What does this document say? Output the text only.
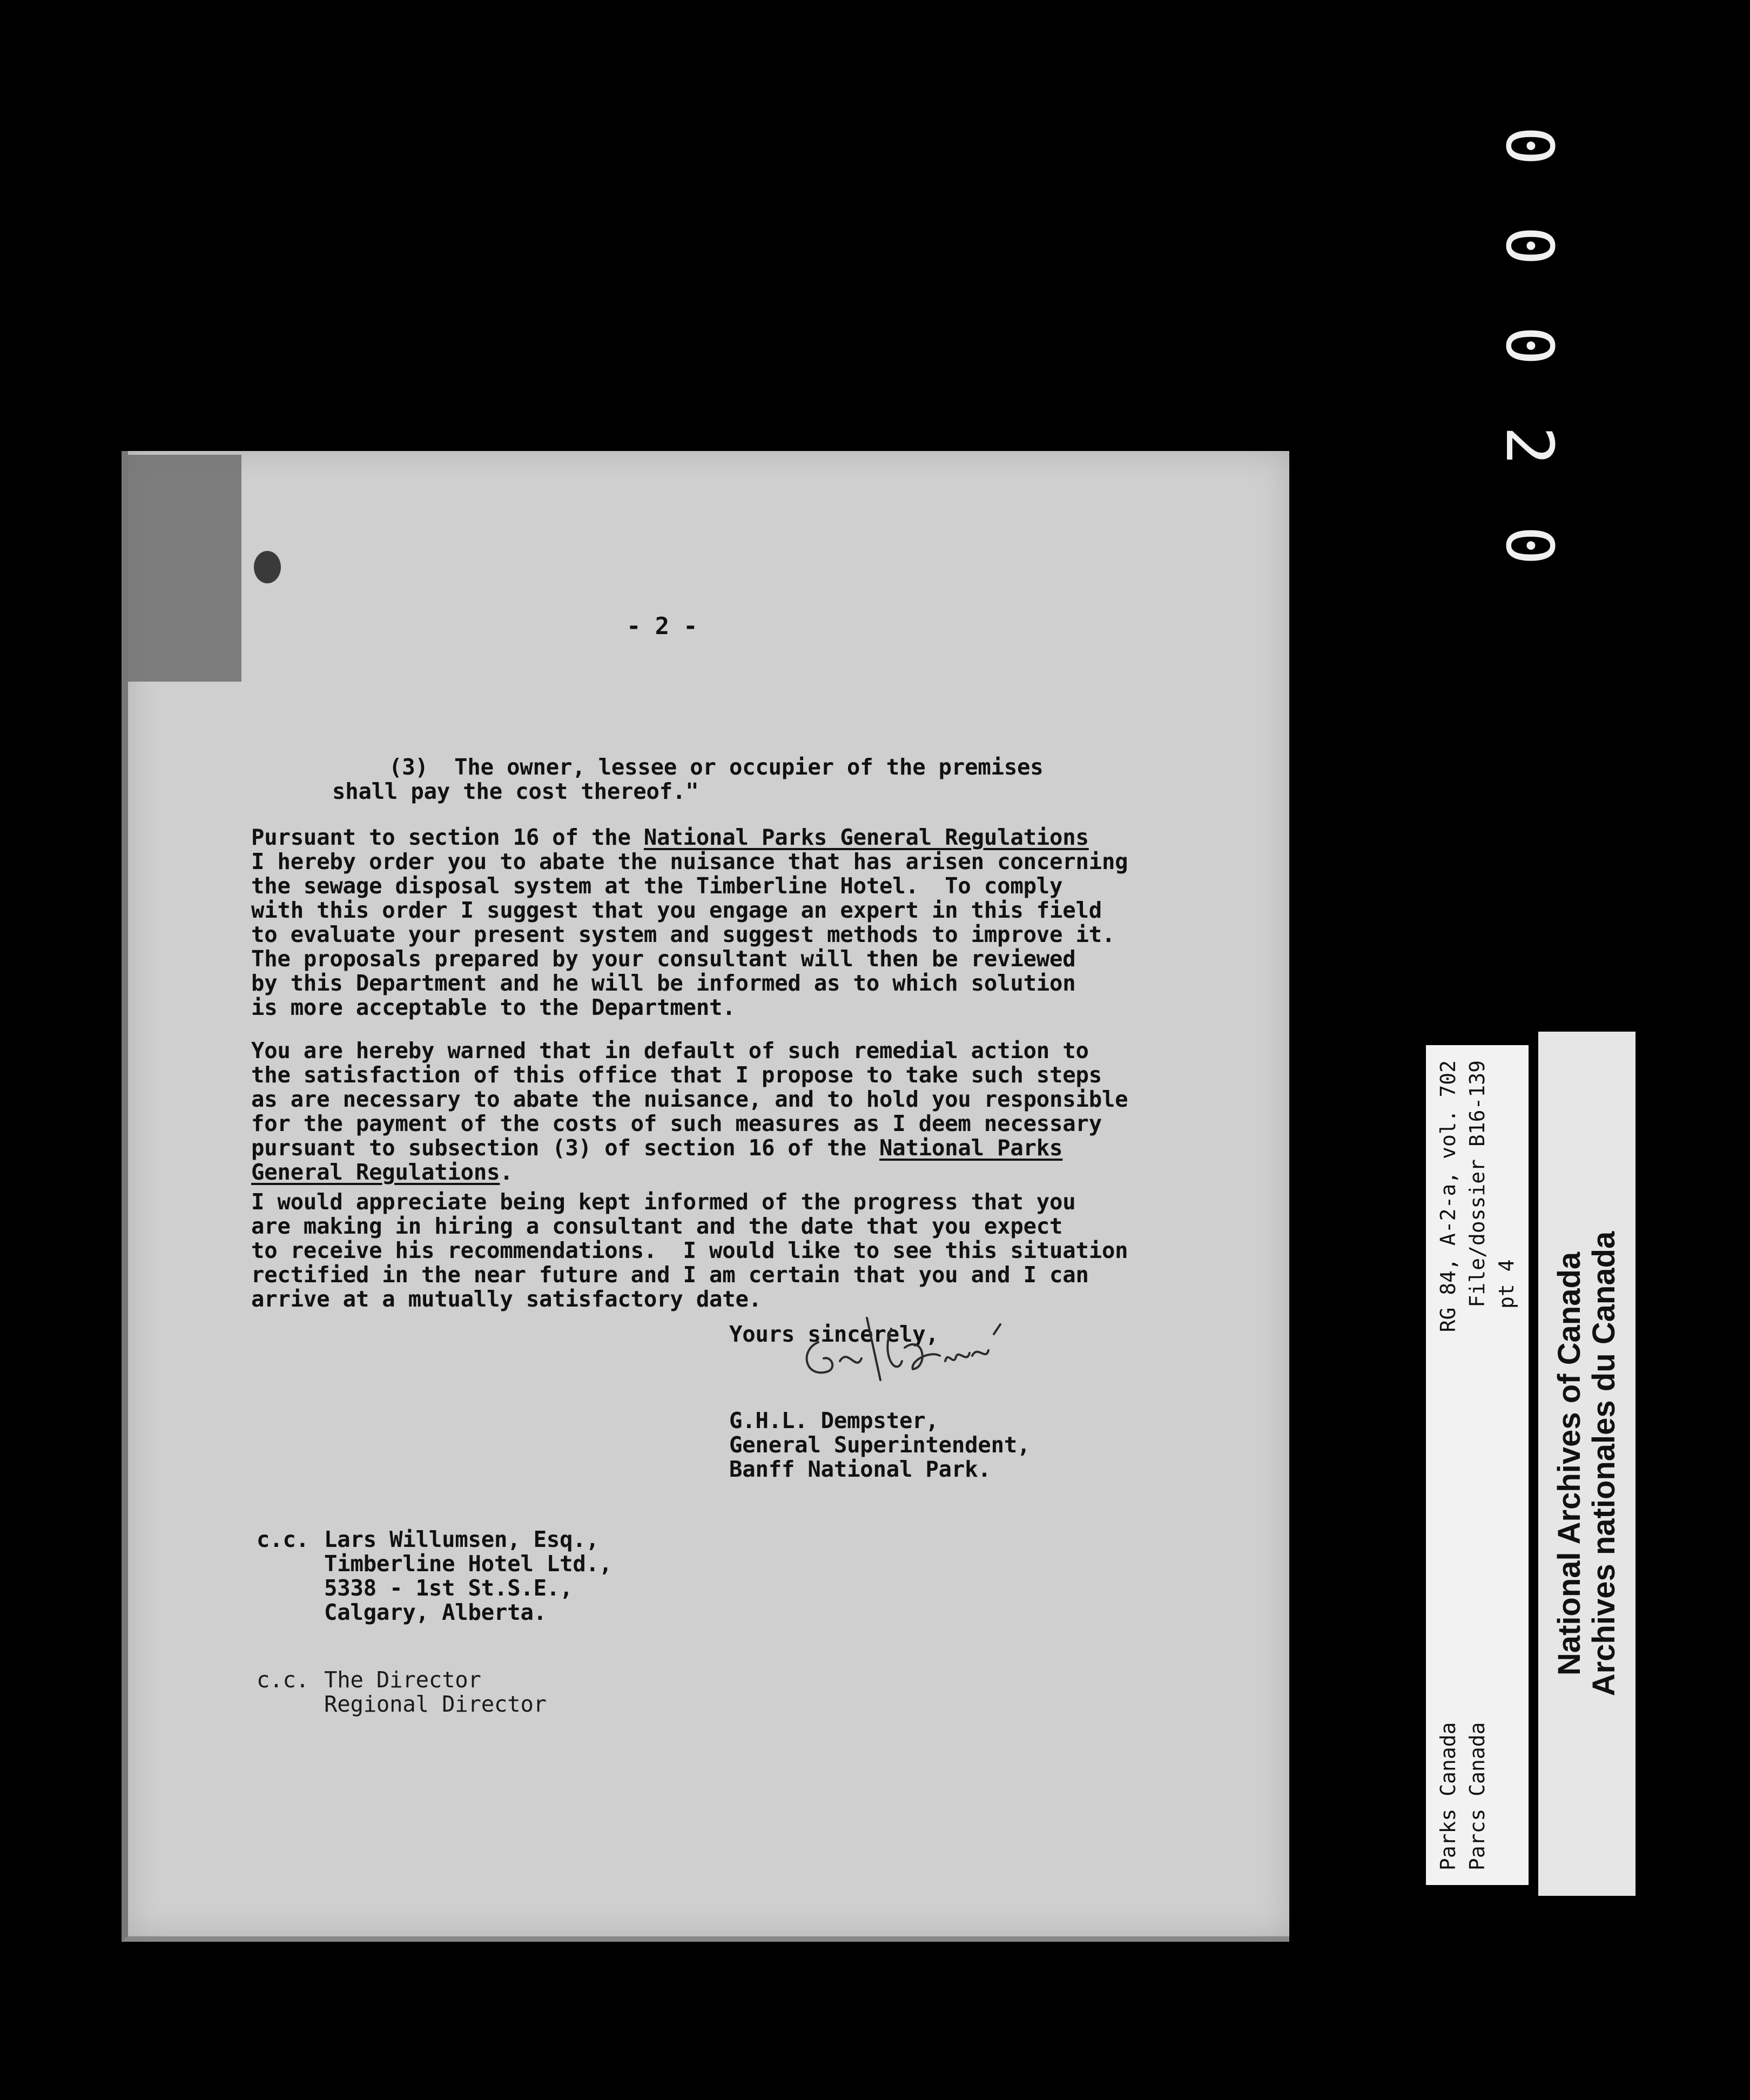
0
0
0
2
0
- 2 -
(3)  The owner, lessee or occupier of the premises
shall pay the cost thereof."
Pursuant to section 16 of the National Parks General Regulations
I hereby order you to abate the nuisance that has arisen concerning
the sewage disposal system at the Timberline Hotel.  To comply
with this order I suggest that you engage an expert in this field
to evaluate your present system and suggest methods to improve it.
The proposals prepared by your consultant will then be reviewed
by this Department and he will be informed as to which solution
is more acceptable to the Department.
You are hereby warned that in default of such remedial action to
the satisfaction of this office that I propose to take such steps
as are necessary to abate the nuisance, and to hold you responsible
for the payment of the costs of such measures as I deem necessary
pursuant to subsection (3) of section 16 of the National Parks
General Regulations.
I would appreciate being kept informed of the progress that you
are making in hiring a consultant and the date that you expect
to receive his recommendations.  I would like to see this situation
rectified in the near future and I am certain that you and I can
arrive at a mutually satisfactory date.
Yours sincerely,
G.H.L. Dempster,
General Superintendent,
Banff National Park.
c.c. Lars Willumsen, Esq.,
Timberline Hotel Ltd.,
5338 - 1st St.S.E.,
Calgary, Alberta.
c.c. The Director
Regional Director
Parks Canada
RG 84, A-2-a, vol. 702
Parcs Canada
File/dossier B16-139 pt 4 National Archives of Canada Archives nationales du Canada
